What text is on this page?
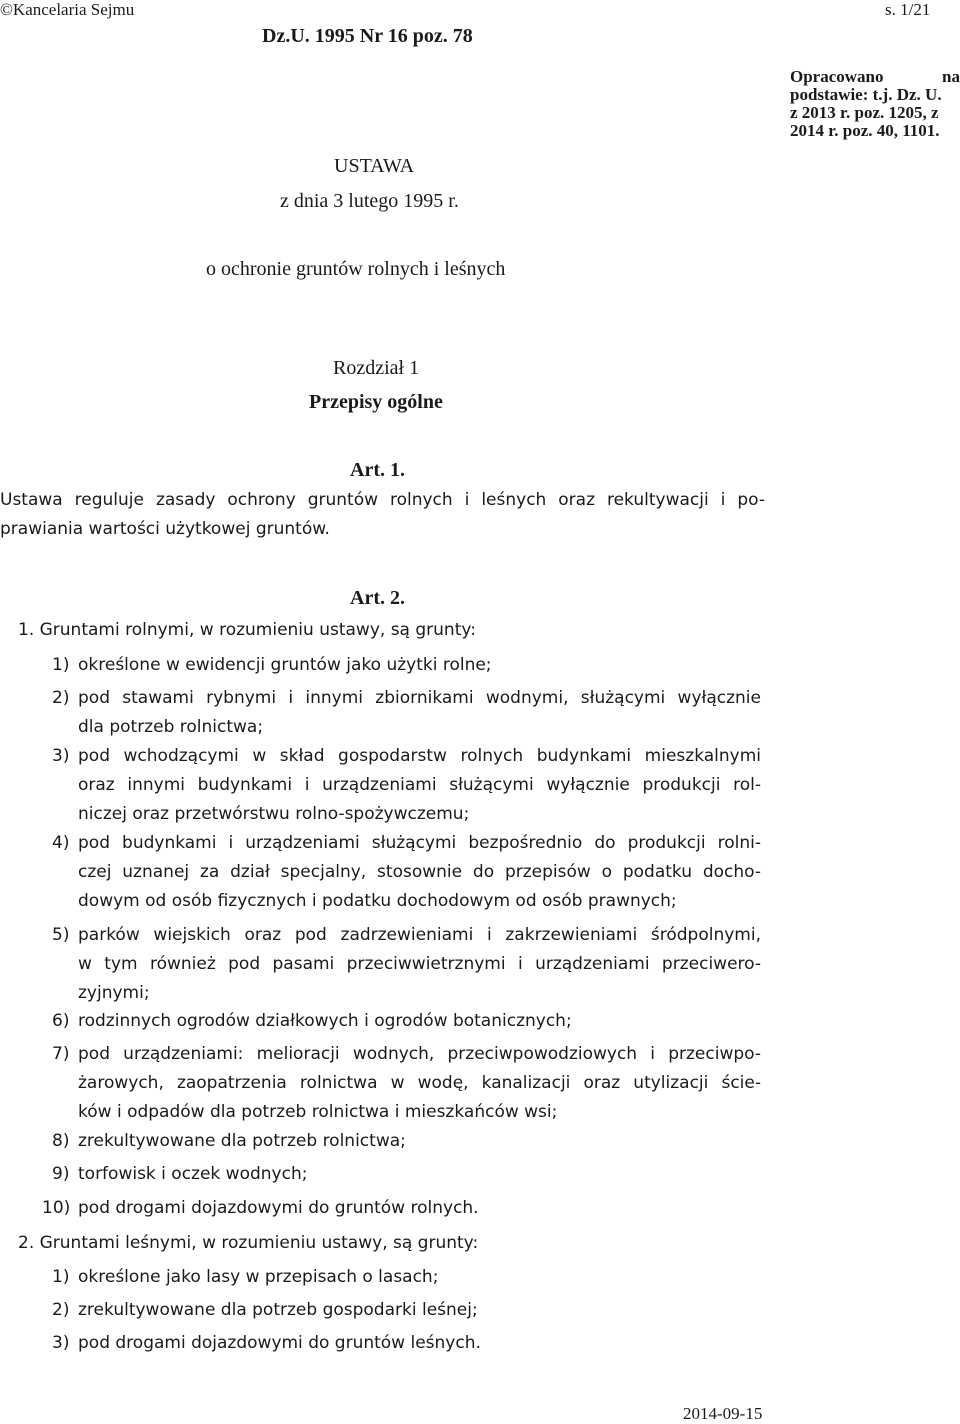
©Kancelaria Sejmu	s. 1/21
Dz.U. 1995 Nr 16 poz. 78
Opracowano	na
podstawie: t.j. Dz. U.
z 2013 r. poz. 1205, z
2014 r. poz. 40, 1101.
USTAWA
z dnia 3 lutego 1995 r.
o ochronie gruntów rolnych i leśnych
Rozdział 1
Przepisy ogólne
Art. 1.
Ustawa reguluje zasady ochrony gruntów rolnych i leśnych oraz rekultywacji i po-
prawiania wartości użytkowej gruntów.
Art. 2.
1. Gruntami rolnymi, w rozumieniu ustawy, są grunty:
1) określone w ewidencji gruntów jako użytki rolne;
2) pod stawami rybnymi i innymi zbiornikami wodnymi, służącymi wyłącznie
dla potrzeb rolnictwa;
3) pod wchodzącymi w skład gospodarstw rolnych budynkami mieszkalnymi
oraz innymi budynkami i urządzeniami służącymi wyłącznie produkcji rol-
niczej oraz przetwórstwu rolno-spożywczemu;
4) pod budynkami i urządzeniami służącymi bezpośrednio do produkcji rolni-
czej uznanej za dział specjalny, stosownie do przepisów o podatku docho-
dowym od osób fizycznych i podatku dochodowym od osób prawnych;
5) parków wiejskich oraz pod zadrzewieniami i zakrzewieniami śródpolnymi,
w tym również pod pasami przeciwwietrznymi i urządzeniami przeciwero-
zyjnymi;
6) rodzinnych ogrodów działkowych i ogrodów botanicznych;
7) pod urządzeniami: melioracji wodnych, przeciwpowodziowych i przeciwpo-
żarowych, zaopatrzenia rolnictwa w wodę, kanalizacji oraz utylizacji ście-
ków i odpadów dla potrzeb rolnictwa i mieszkańców wsi;
8) zrekultywowane dla potrzeb rolnictwa;
9) torfowisk i oczek wodnych;
10) pod drogami dojazdowymi do gruntów rolnych.
2. Gruntami leśnymi, w rozumieniu ustawy, są grunty:
1) określone jako lasy w przepisach o lasach;
2) zrekultywowane dla potrzeb gospodarki leśnej;
3) pod drogami dojazdowymi do gruntów leśnych.
2014-09-15
